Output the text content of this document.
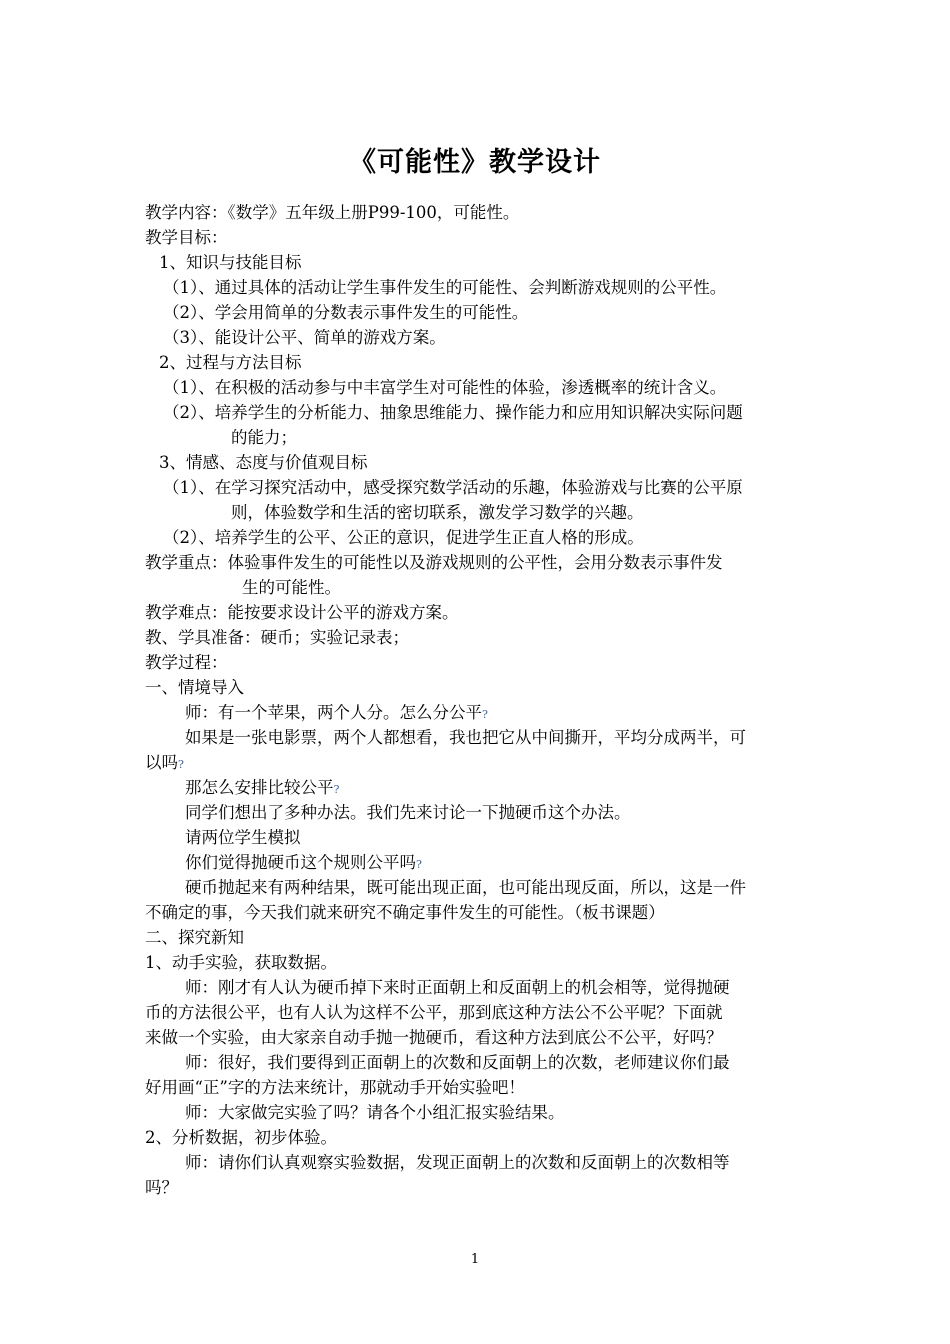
《可能性》教学设计
教学内容：《数学》五年级上册P99-100，可能性。
教学目标：
1、知识与技能目标
（1）、通过具体的活动让学生事件发生的可能性、会判断游戏规则的公平性。
（2）、学会用简单的分数表示事件发生的可能性。
（3）、能设计公平、简单的游戏方案。
2、过程与方法目标
（1）、在积极的活动参与中丰富学生对可能性的体验，渗透概率的统计含义。
（2）、培养学生的分析能力、抽象思维能力、操作能力和应用知识解决实际问题
的能力；
3、情感、态度与价值观目标
（1）、在学习探究活动中，感受探究数学活动的乐趣，体验游戏与比赛的公平原
则，体验数学和生活的密切联系，激发学习数学的兴趣。
（2）、培养学生的公平、公正的意识，促进学生正直人格的形成。
教学重点：体验事件发生的可能性以及游戏规则的公平性，会用分数表示事件发
生的可能性。
教学难点：能按要求设计公平的游戏方案。
教、学具准备：硬币；实验记录表；
教学过程：
一、情境导入
师：有一个苹果，两个人分。怎么分公平?
如果是一张电影票，两个人都想看，我也把它从中间撕开，平均分成两半，可
以吗?
那怎么安排比较公平?
同学们想出了多种办法。我们先来讨论一下抛硬币这个办法。
请两位学生模拟
你们觉得抛硬币这个规则公平吗?
硬币抛起来有两种结果，既可能出现正面，也可能出现反面，所以，这是一件
不确定的事，今天我们就来研究不确定事件发生的可能性。（板书课题）
二、探究新知
1、动手实验，获取数据。
师：刚才有人认为硬币掉下来时正面朝上和反面朝上的机会相等，觉得抛硬
币的方法很公平，也有人认为这样不公平，那到底这种方法公不公平呢？下面就
来做一个实验，由大家亲自动手抛一抛硬币，看这种方法到底公不公平，好吗？
师：很好，我们要得到正面朝上的次数和反面朝上的次数，老师建议你们最
好用画“正”字的方法来统计，那就动手开始实验吧！
师：大家做完实验了吗？请各个小组汇报实验结果。
2、分析数据，初步体验。
师：请你们认真观察实验数据，发现正面朝上的次数和反面朝上的次数相等
吗？
1
